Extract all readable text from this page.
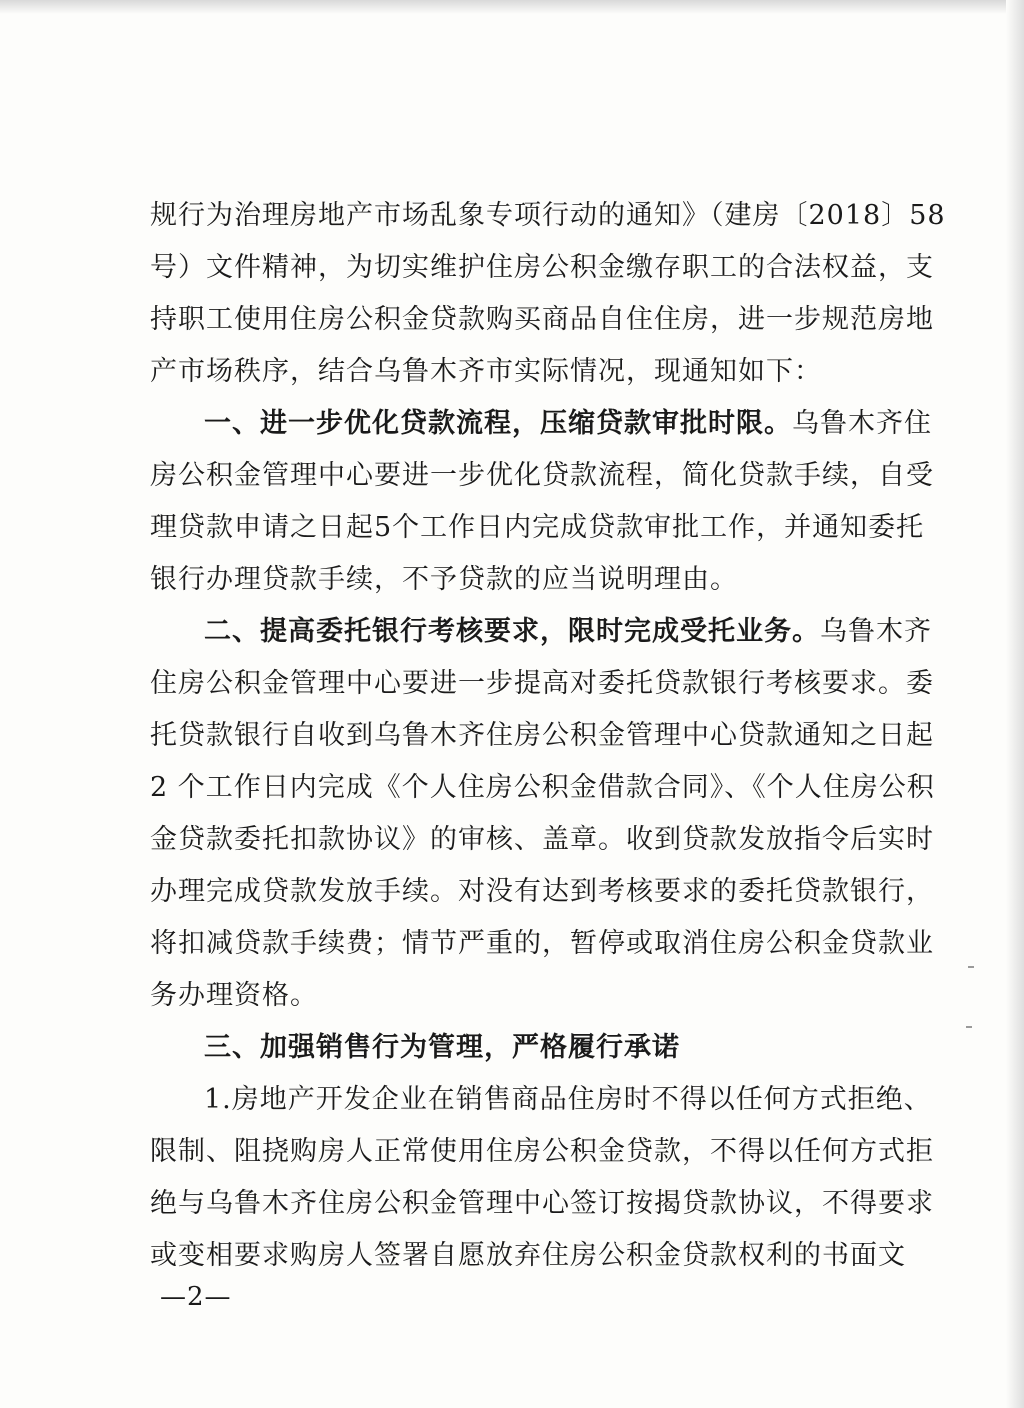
规行为治理房地产市场乱象专项行动的通知》（建房〔2018〕58
号）文件精神，为切实维护住房公积金缴存职工的合法权益，支
持职工使用住房公积金贷款购买商品自住住房，进一步规范房地
产市场秩序，结合乌鲁木齐市实际情况，现通知如下：
一、进一步优化贷款流程，压缩贷款审批时限。乌鲁木齐住
房公积金管理中心要进一步优化贷款流程，简化贷款手续，自受
理贷款申请之日起5个工作日内完成贷款审批工作，并通知委托
银行办理贷款手续，不予贷款的应当说明理由。
二、提高委托银行考核要求，限时完成受托业务。乌鲁木齐
住房公积金管理中心要进一步提高对委托贷款银行考核要求。委
托贷款银行自收到乌鲁木齐住房公积金管理中心贷款通知之日起
2 个工作日内完成《个人住房公积金借款合同》、《个人住房公积
金贷款委托扣款协议》的审核、盖章。收到贷款发放指令后实时
办理完成贷款发放手续。对没有达到考核要求的委托贷款银行，
将扣减贷款手续费；情节严重的，暂停或取消住房公积金贷款业
务办理资格。
三、加强销售行为管理，严格履行承诺
1.房地产开发企业在销售商品住房时不得以任何方式拒绝、
限制、阻挠购房人正常使用住房公积金贷款，不得以任何方式拒
绝与乌鲁木齐住房公积金管理中心签订按揭贷款协议，不得要求
或变相要求购房人签署自愿放弃住房公积金贷款权利的书面文
—2—
